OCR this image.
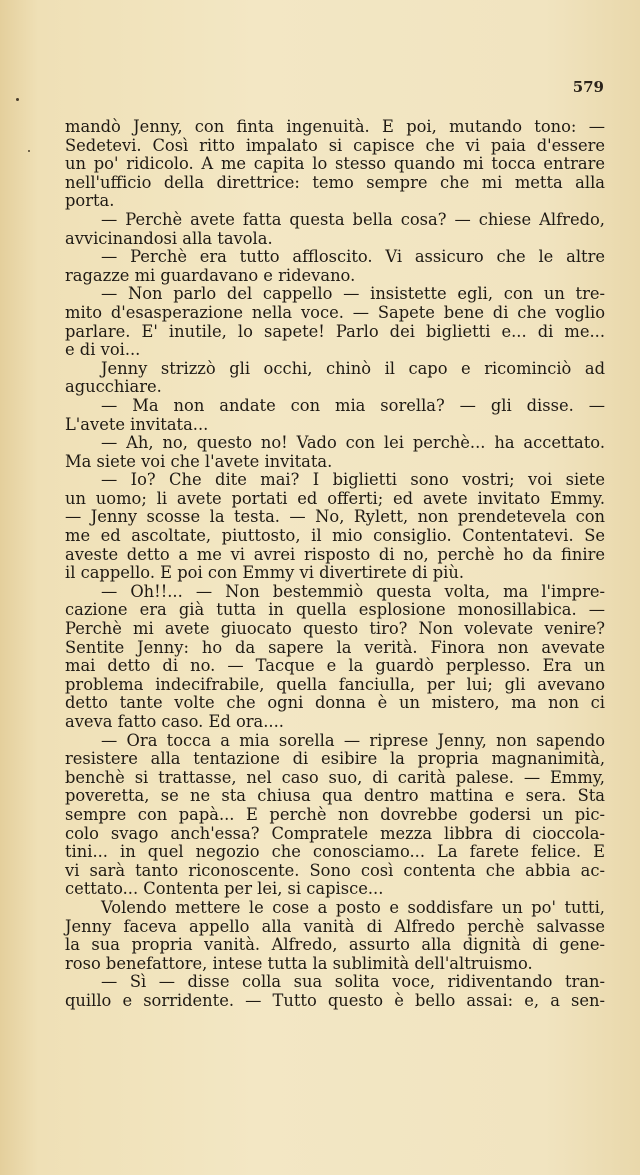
579

mandò Jenny, con finta ingenuità. E poi, mutando tono: —
Sedetevi. Così ritto impalato si capisce che vi paia d'essere
un po' ridicolo. A me capita lo stesso quando mi tocca entrare
nell'ufficio della direttrice: temo sempre che mi metta alla
porta.
— Perchè avete fatta questa bella cosa? — chiese Alfredo,
avvicinandosi alla tavola.
— Perchè era tutto affloscito. Vi assicuro che le altre
ragazze mi guardavano e ridevano.
— Non parlo del cappello — insistette egli, con un tre-
mito d'esasperazione nella voce. — Sapete bene di che voglio
parlare. E' inutile, lo sapete! Parlo dei biglietti e... di me...
e di voi...
Jenny strizzò gli occhi, chinò il capo e ricominciò ad
agucchiare.
— Ma non andate con mia sorella? — gli disse. —
L'avete invitata...
— Ah, no, questo no! Vado con lei perchè... ha accettato.
Ma siete voi che l'avete invitata.
— Io? Che dite mai? I biglietti sono vostri; voi siete
un uomo; li avete portati ed offerti; ed avete invitato Emmy.
— Jenny scosse la testa. — No, Rylett, non prendetevela con
me ed ascoltate, piuttosto, il mio consiglio. Contentatevi. Se
aveste detto a me vi avrei risposto di no, perchè ho da finire
il cappello. E poi con Emmy vi divertirete di più.
— Oh!!... — Non bestemmiò questa volta, ma l'impre-
cazione era già tutta in quella esplosione monosillabica. —
Perchè mi avete giuocato questo tiro? Non volevate venire?
Sentite Jenny: ho da sapere la verità. Finora non avevate
mai detto di no. — Tacque e la guardò perplesso. Era un
problema indecifrabile, quella fanciulla, per lui; gli avevano
detto tante volte che ogni donna è un mistero, ma non ci
aveva fatto caso. Ed ora....
— Ora tocca a mia sorella — riprese Jenny, non sapendo
resistere alla tentazione di esibire la propria magnanimità,
benchè si trattasse, nel caso suo, di carità palese. — Emmy,
poveretta, se ne sta chiusa qua dentro mattina e sera. Sta
sempre con papà... E perchè non dovrebbe godersi un pic-
colo svago anch'essa? Compratele mezza libbra di cioccola-
tini... in quel negozio che conosciamo... La farete felice. E
vi sarà tanto riconoscente. Sono così contenta che abbia ac-
cettato... Contenta per lei, si capisce...
Volendo mettere le cose a posto e soddisfare un po' tutti,
Jenny faceva appello alla vanità di Alfredo perchè salvasse
la sua propria vanità. Alfredo, assurto alla dignità di gene-
roso benefattore, intese tutta la sublimità dell'altruismo.
— Sì — disse colla sua solita voce, ridiventando tran-
quillo e sorridente. — Tutto questo è bello assai: e, a sen-
